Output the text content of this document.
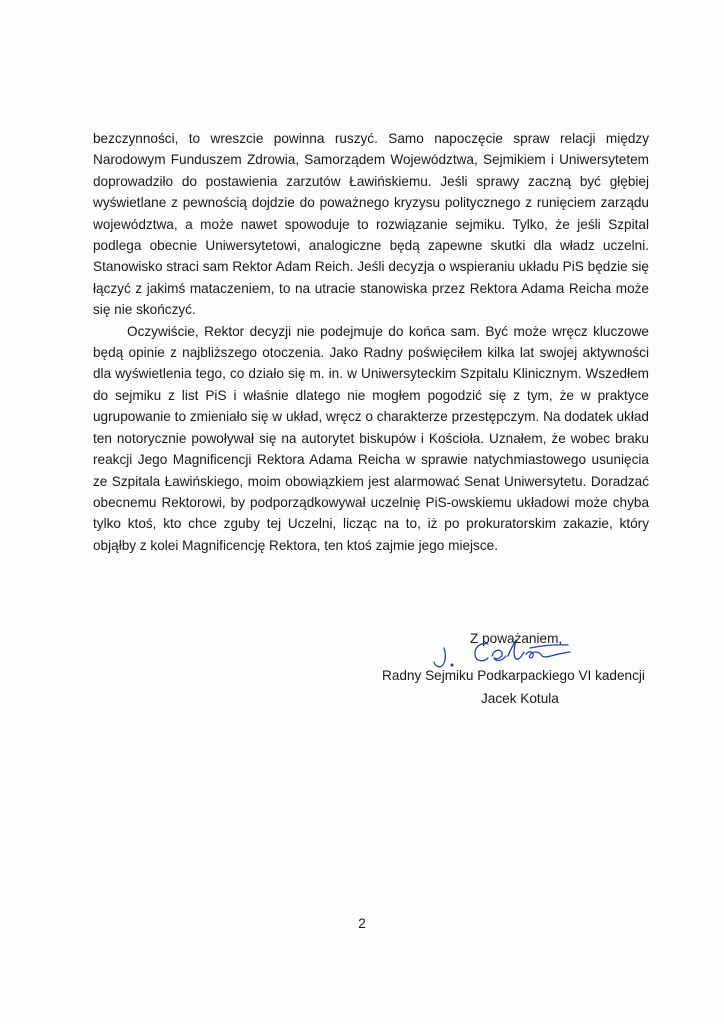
bezczynności, to wreszcie powinna ruszyć. Samo napoczęcie spraw relacji między Narodowym Funduszem Zdrowia, Samorządem Województwa, Sejmikiem i Uniwersytetem doprowadziło do postawienia zarzutów Ławińskiemu. Jeśli sprawy zaczną być głębiej wyświetlane z pewnością dojdzie do poważnego kryzysu politycznego z runięciem zarządu województwa, a może nawet spowoduje to rozwiązanie sejmiku. Tylko, że jeśli Szpital podlega obecnie Uniwersytetowi, analogiczne będą zapewne skutki dla władz uczelni. Stanowisko straci sam Rektor Adam Reich. Jeśli decyzja o wspieraniu układu PiS będzie się łączyć z jakimś mataczeniem, to na utracie stanowiska przez Rektora Adama Reicha może się nie skończyć.

Oczywiście, Rektor decyzji nie podejmuje do końca sam. Być może wręcz kluczowe będą opinie z najbliższego otoczenia. Jako Radny poświęciłem kilka lat swojej aktywności dla wyświetlenia tego, co działo się m. in. w Uniwersyteckim Szpitalu Klinicznym. Wszedłem do sejmiku z list PiS i właśnie dlatego nie mogłem pogodzić się z tym, że w praktyce ugrupowanie to zmieniało się w układ, wręcz o charakterze przestępczym. Na dodatek układ ten notorycznie powoływał się na autorytet biskupów i Kościoła. Uznałem, że wobec braku reakcji Jego Magnificencji Rektora Adama Reicha w sprawie natychmiastowego usunięcia ze Szpitala Ławińskiego, moim obowiązkiem jest alarmować Senat Uniwersytetu. Doradzać obecnemu Rektorowi, by podporządkowywał uczelnię PiS-owskiemu układowi może chyba tylko ktoś, kto chce zguby tej Uczelni, licząc na to, iż po prokuratorskim zakazie, który objąłby z kolei Magnificencję Rektora, ten ktoś zajmie jego miejsce.

Z poważaniem,
Radny Sejmiku Podkarpackiego VI kadencji
Jacek Kotula
2
